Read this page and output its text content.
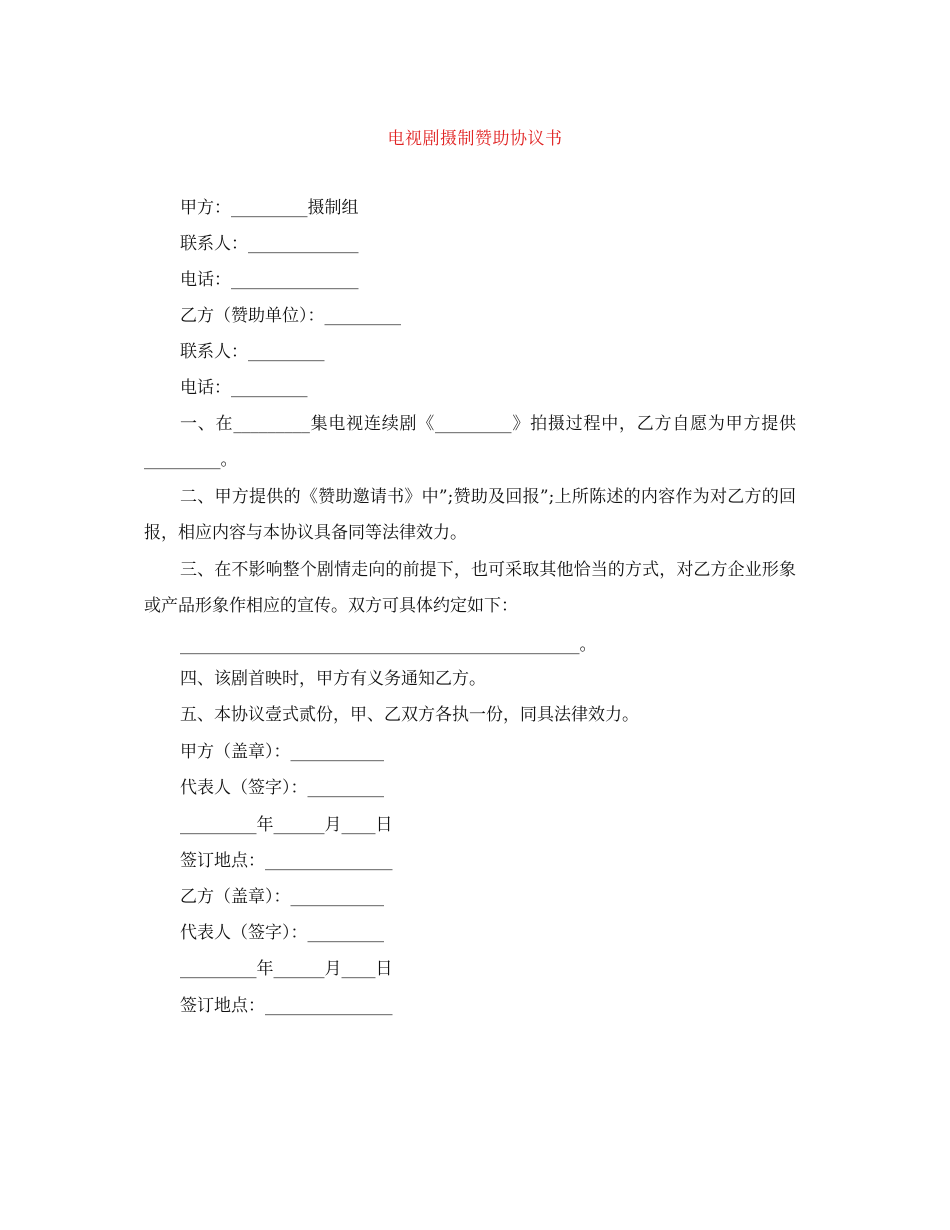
电视剧摄制赞助协议书
甲方：_________摄制组
联系人：_____________
电话：_______________
乙方（赞助单位）：_________
联系人：_________
电话：_________
一、在_________集电视连续剧《_________》拍摄过程中，乙方自愿为甲方提供_________。
二、甲方提供的《赞助邀请书》中”;赞助及回报”;上所陈述的内容作为对乙方的回报，相应内容与本协议具备同等法律效力。
三、在不影响整个剧情走向的前提下，也可采取其他恰当的方式，对乙方企业形象或产品形象作相应的宣传。双方可具体约定如下：
_______________________________________________。
四、该剧首映时，甲方有义务通知乙方。
五、本协议壹式贰份，甲、乙双方各执一份，同具法律效力。
甲方（盖章）：___________
代表人（签字）：_________
_________年______月____日
签订地点：_______________
乙方（盖章）：___________
代表人（签字）：_________
_________年______月____日
签订地点：_______________
